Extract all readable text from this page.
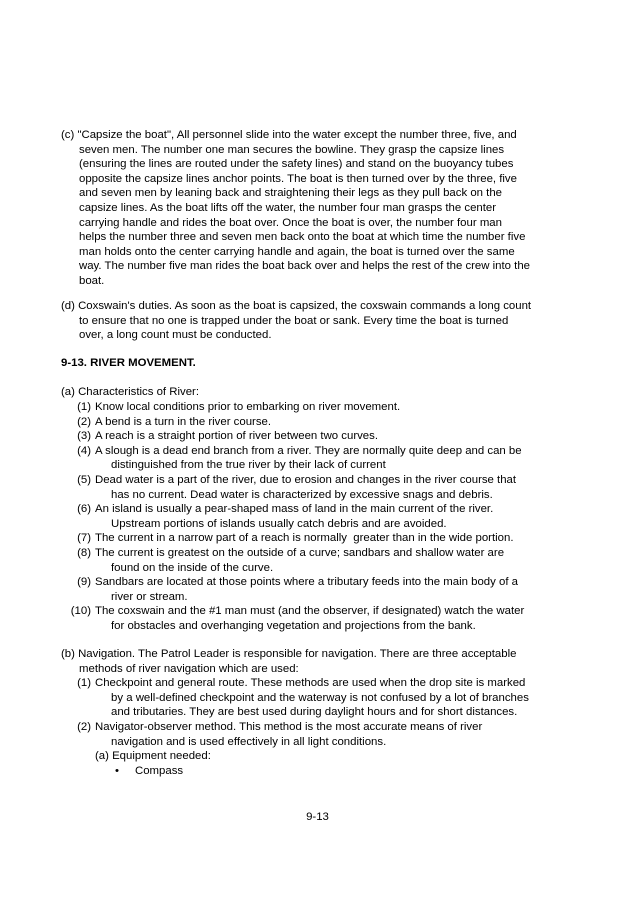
(c) "Capsize the boat", All personnel slide into the water except the number three, five, and
seven men. The number one man secures the bowline. They grasp the capsize lines
(ensuring the lines are routed under the safety lines) and stand on the buoyancy tubes
opposite the capsize lines anchor points. The boat is then turned over by the three, five
and seven men by leaning back and straightening their legs as they pull back on the
capsize lines. As the boat lifts off the water, the number four man grasps the center
carrying handle and rides the boat over. Once the boat is over, the number four man
helps the number three and seven men back onto the boat at which time the number five
man holds onto the center carrying handle and again, the boat is turned over the same
way. The number five man rides the boat back over and helps the rest of the crew into the
boat.
(d) Coxswain's duties. As soon as the boat is capsized, the coxswain commands a long count
to ensure that no one is trapped under the boat or sank. Every time the boat is turned
over, a long count must be conducted.
9-13. RIVER MOVEMENT.
(a) Characteristics of River:
(1) Know local conditions prior to embarking on river movement.
(2) A bend is a turn in the river course.
(3) A reach is a straight portion of river between two curves.
(4) A slough is a dead end branch from a river. They are normally quite deep and can be
distinguished from the true river by their lack of current
(5) Dead water is a part of the river, due to erosion and changes in the river course that
has no current. Dead water is characterized by excessive snags and debris.
(6) An island is usually a pear-shaped mass of land in the main current of the river.
Upstream portions of islands usually catch debris and are avoided.
(7) The current in a narrow part of a reach is normally  greater than in the wide portion.
(8) The current is greatest on the outside of a curve; sandbars and shallow water are
found on the inside of the curve.
(9) Sandbars are located at those points where a tributary feeds into the main body of a
river or stream.
(10) The coxswain and the #1 man must (and the observer, if designated) watch the water
for obstacles and overhanging vegetation and projections from the bank.
(b) Navigation. The Patrol Leader is responsible for navigation. There are three acceptable
methods of river navigation which are used:
(1) Checkpoint and general route. These methods are used when the drop site is marked
by a well-defined checkpoint and the waterway is not confused by a lot of branches
and tributaries. They are best used during daylight hours and for short distances.
(2) Navigator-observer method. This method is the most accurate means of river
navigation and is used effectively in all light conditions.
(a) Equipment needed:
• Compass
9-13
